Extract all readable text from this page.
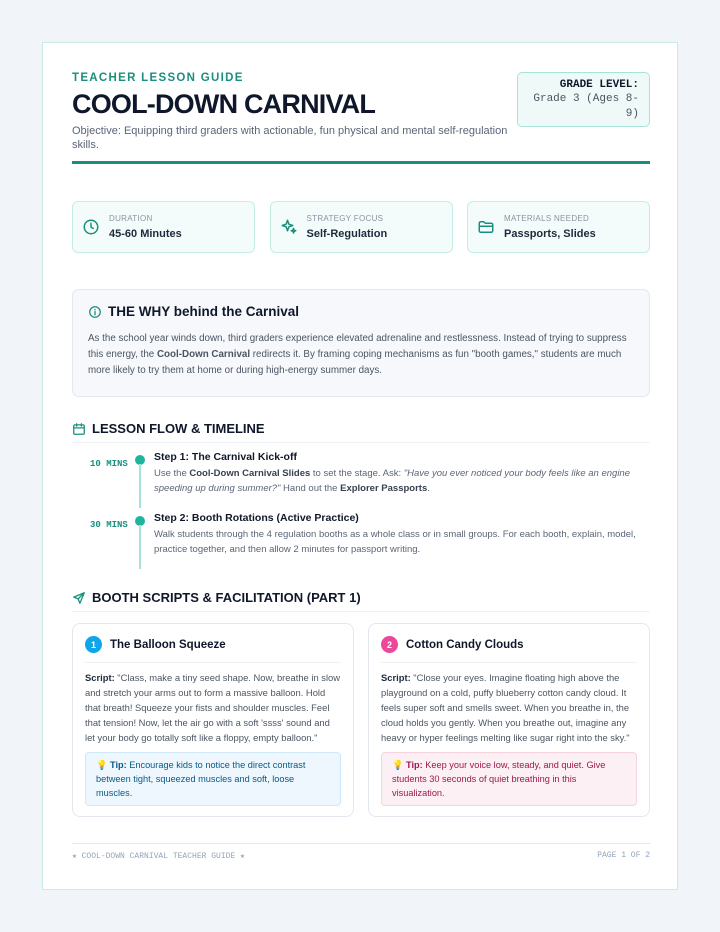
TEACHER LESSON GUIDE
COOL-DOWN CARNIVAL
Objective: Equipping third graders with actionable, fun physical and mental self-regulation skills.
GRADE LEVEL:
Grade 3 (Ages 8-9)
DURATION
45-60 Minutes
STRATEGY FOCUS
Self-Regulation
MATERIALS NEEDED
Passports, Slides
THE WHY behind the Carnival
As the school year winds down, third graders experience elevated adrenaline and restlessness. Instead of trying to suppress this energy, the Cool-Down Carnival redirects it. By framing coping mechanisms as fun "booth games," students are much more likely to try them at home or during high-energy summer days.
LESSON FLOW & TIMELINE
10 MINS
Step 1: The Carnival Kick-off
Use the Cool-Down Carnival Slides to set the stage. Ask: "Have you ever noticed your body feels like an engine speeding up during summer?" Hand out the Explorer Passports.
30 MINS
Step 2: Booth Rotations (Active Practice)
Walk students through the 4 regulation booths as a whole class or in small groups. For each booth, explain, model, practice together, and then allow 2 minutes for passport writing.
BOOTH SCRIPTS & FACILITATION (PART 1)
1	The Balloon Squeeze
Script: "Class, make a tiny seed shape. Now, breathe in slow and stretch your arms out to form a massive balloon. Hold that breath! Squeeze your fists and shoulder muscles. Feel that tension! Now, let the air go with a soft 'ssss' sound and let your body go totally soft like a floppy, empty balloon."
💡 Tip: Encourage kids to notice the direct contrast between tight, squeezed muscles and soft, loose muscles.
2	Cotton Candy Clouds
Script: "Close your eyes. Imagine floating high above the playground on a cold, puffy blueberry cotton candy cloud. It feels super soft and smells sweet. When you breathe in, the cloud holds you gently. When you breathe out, imagine any heavy or hyper feelings melting like sugar right into the sky."
💡 Tip: Keep your voice low, steady, and quiet. Give students 30 seconds of quiet breathing in this visualization.
★ COOL-DOWN CARNIVAL TEACHER GUIDE ★	PAGE 1 OF 2
